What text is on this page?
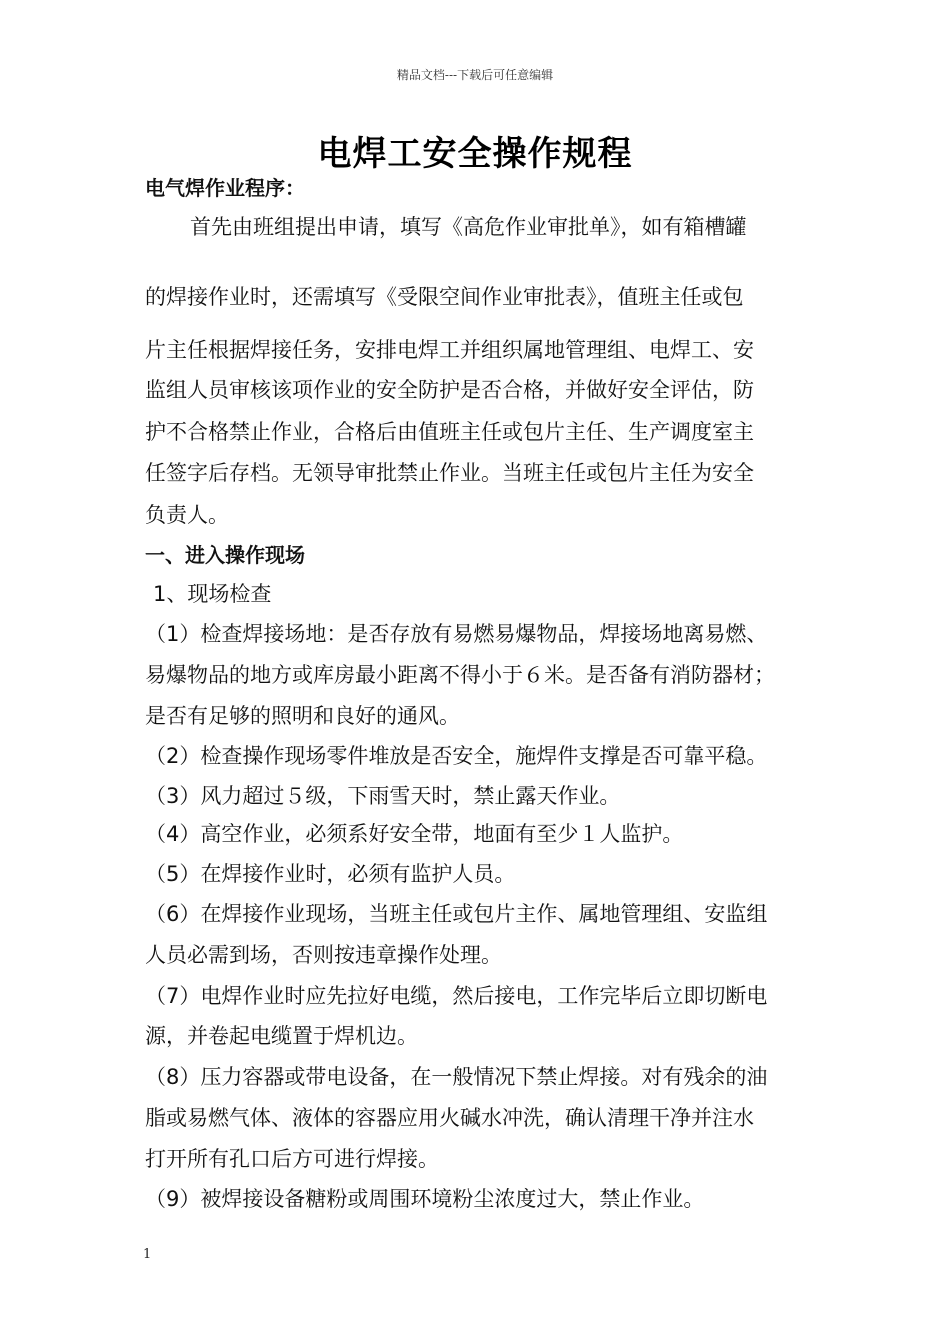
精品文档---下载后可任意编辑
电焊工安全操作规程
电气焊作业程序：
首先由班组提出申请，填写《高危作业审批单》，如有箱槽罐
的焊接作业时，还需填写《受限空间作业审批表》，值班主任或包
片主任根据焊接任务，安排电焊工并组织属地管理组、电焊工、安
监组人员审核该项作业的安全防护是否合格，并做好安全评估，防
护不合格禁止作业，合格后由值班主任或包片主任、生产调度室主
任签字后存档。无领导审批禁止作业。当班主任或包片主任为安全
负责人。
一、进入操作现场
1、现场检查
（1）检查焊接场地：是否存放有易燃易爆物品，焊接场地离易燃、
易爆物品的地方或库房最小距离不得小于６米。是否备有消防器材；
是否有足够的照明和良好的通风。
（2）检查操作现场零件堆放是否安全，施焊件支撑是否可靠平稳。
（3）风力超过５级，下雨雪天时，禁止露天作业。
（4）高空作业，必须系好安全带，地面有至少１人监护。
（5）在焊接作业时，必须有监护人员。
（6）在焊接作业现场，当班主任或包片主作、属地管理组、安监组
人员必需到场，否则按违章操作处理。
（7）电焊作业时应先拉好电缆，然后接电，工作完毕后立即切断电
源，并卷起电缆置于焊机边。
（8）压力容器或带电设备，在一般情况下禁止焊接。对有残余的油
脂或易燃气体、液体的容器应用火碱水冲洗，确认清理干净并注水
打开所有孔口后方可进行焊接。
（9）被焊接设备糖粉或周围环境粉尘浓度过大，禁止作业。
1
